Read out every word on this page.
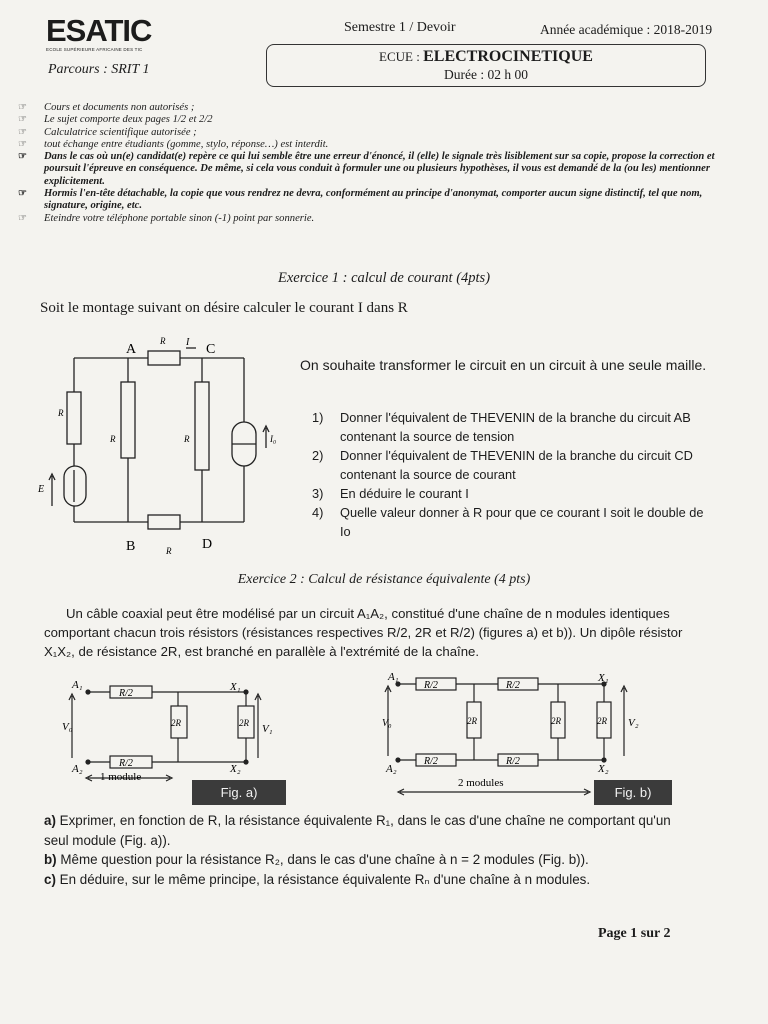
ESATIC
ECOLE SUPÉRIEURE AFRICAINE DES TIC
Semestre 1 / Devoir	Année académique : 2018-2019
Parcours : SRIT 1
ECUE : ELECTROCINETIQUE
Durée : 02 h 00
☞	Cours et documents non autorisés ;
☞	Le sujet comporte deux pages 1/2 et 2/2
☞	Calculatrice scientifique autorisée ;
☞	tout échange entre étudiants (gomme, stylo, réponse…) est interdit.
☞	Dans le cas où un(e) candidat(e) repère ce qui lui semble être une erreur d'énoncé, il (elle) le signale très lisiblement sur sa copie, propose la correction et poursuit l'épreuve en conséquence. De même, si cela vous conduit à formuler une ou plusieurs hypothèses, il vous est demandé de la (ou les) mentionner explicitement.
☞	Hormis l'en-tête détachable, la copie que vous rendrez ne devra, conformément au principe d'anonymat, comporter aucun signe distinctif, tel que nom, signature, origine, etc.
☞	Eteindre votre téléphone portable sinon (-1) point par sonnerie.
Exercice 1 : calcul de courant (4pts)
Soit le montage suivant on désire calculer le courant I dans R
A	C
B	D
R I
R
R
R	R
E
I₀
On souhaite transformer le circuit en un circuit à une seule maille.
1)	Donner l'équivalent de THEVENIN de la branche du circuit AB contenant la source de tension
2)	Donner l'équivalent de THEVENIN de la branche du circuit CD contenant la source de courant
3)	En déduire le courant I
4)	Quelle valeur donner à R pour que ce courant I soit le double de Io
Exercice 2 : Calcul de résistance équivalente (4 pts)
Un câble coaxial peut être modélisé par un circuit A₁A₂, constitué d'une chaîne de n modules identiques comportant chacun trois résistors (résistances respectives R/2, 2R et R/2) (figures a) et b)). Un dipôle résistor X₁X₂, de résistance 2R, est branché en parallèle à l'extrémité de la chaîne.
A₁
A₂
X₁
X₂
V₀	V₁
R/2
R/2
2R	2R
1 module
Fig. a)
A₁
A₂
X₁
X₂
V₀	V₂
R/2	R/2
R/2	R/2
2R	2R	2R
2 modules
Fig. b)
a) Exprimer, en fonction de R, la résistance équivalente R₁, dans le cas d'une chaîne ne comportant qu'un seul module (Fig. a)).
b) Même question pour la résistance R₂, dans le cas d'une chaîne à n = 2 modules (Fig. b)).
c) En déduire, sur le même principe, la résistance équivalente Rₙ d'une chaîne à n modules.
Page 1 sur 2
